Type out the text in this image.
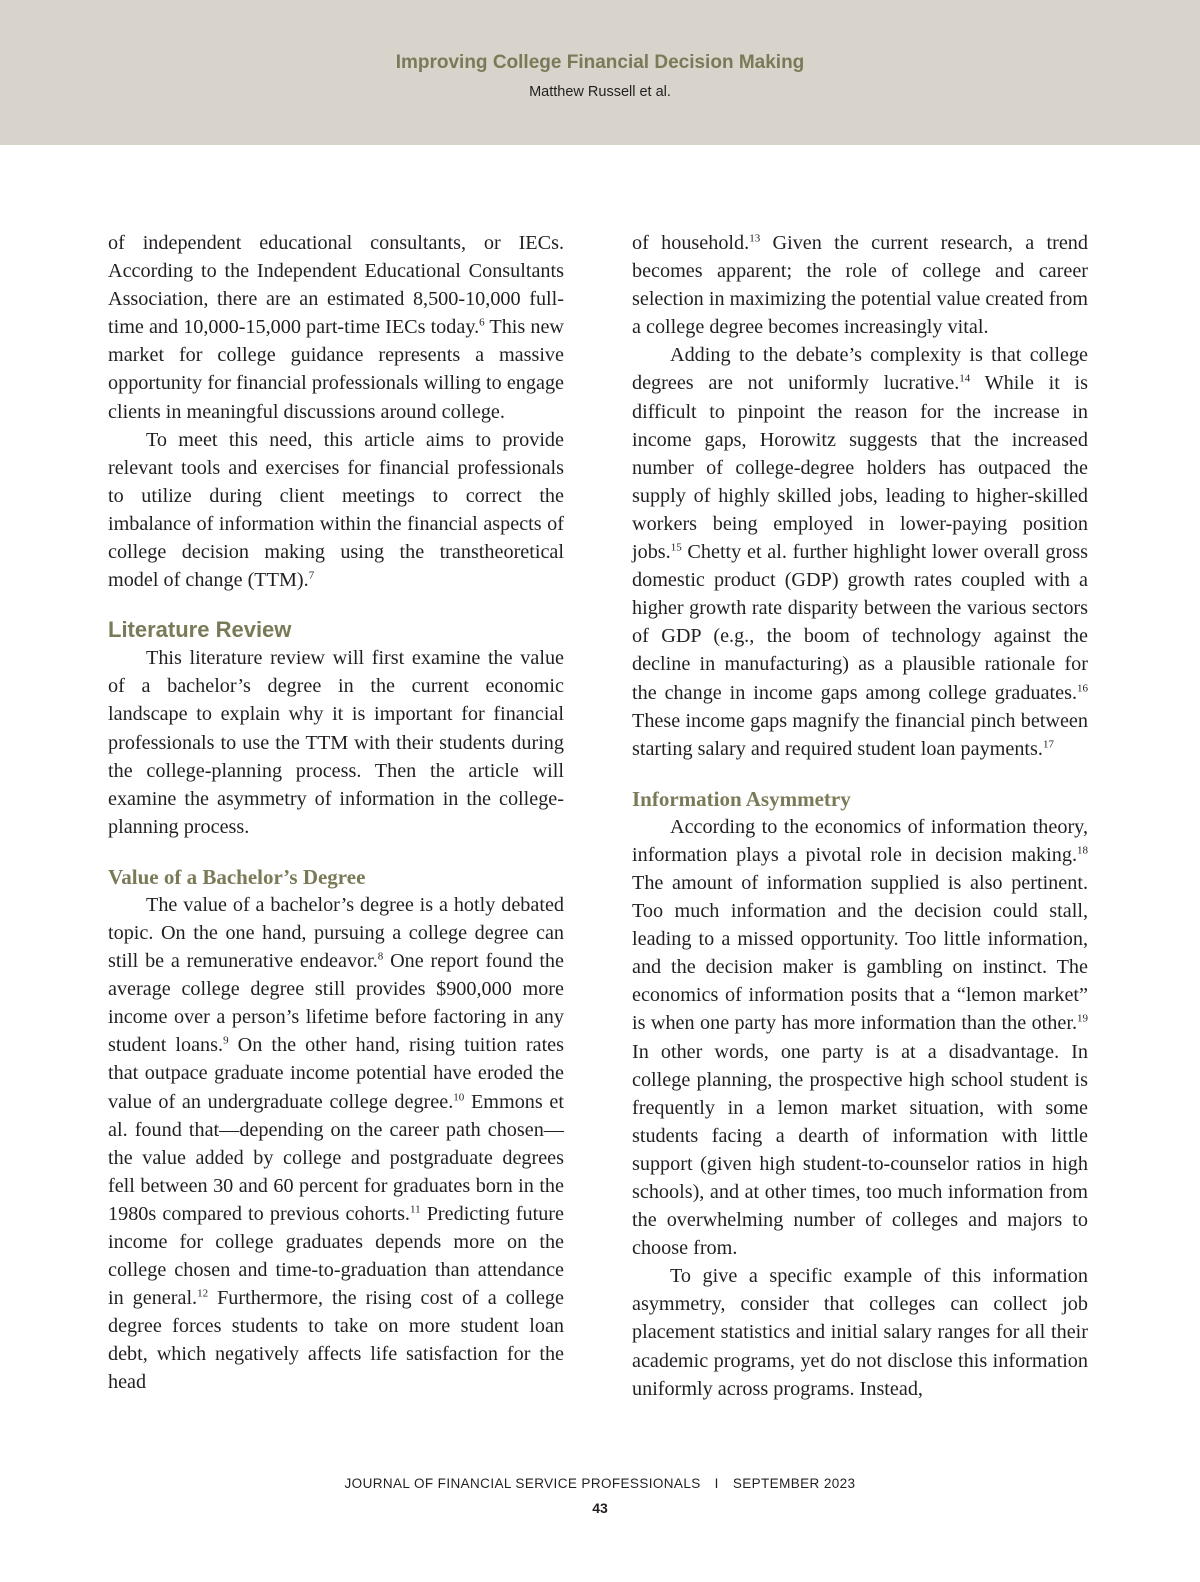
Improving College Financial Decision Making
Matthew Russell et al.

of independent educational consultants, or IECs. According to the Independent Educational Consultants Association, there are an estimated 8,500-10,000 full-time and 10,000-15,000 part-time IECs today.$^6$ This new market for college guidance represents a massive opportunity for financial professionals willing to engage clients in meaningful discussions around college.

To meet this need, this article aims to provide relevant tools and exercises for financial professionals to utilize during client meetings to correct the imbalance of information within the financial aspects of college decision making using the transtheoretical model of change (TTM).$^7$

Literature Review

This literature review will first examine the value of a bachelor’s degree in the current economic landscape to explain why it is important for financial professionals to use the TTM with their students during the college-planning process. Then the article will examine the asymmetry of information in the college-planning process.

Value of a Bachelor’s Degree

The value of a bachelor’s degree is a hotly debated topic. On the one hand, pursuing a college degree can still be a remunerative endeavor.$^8$ One report found the average college degree still provides $900,000 more income over a person’s lifetime before factoring in any student loans.$^9$ On the other hand, rising tuition rates that outpace graduate income potential have eroded the value of an undergraduate college degree.$^{10}$ Emmons et al. found that—depending on the career path chosen—the value added by college and postgraduate degrees fell between 30 and 60 percent for graduates born in the 1980s compared to previous cohorts.$^{11}$ Predicting future income for college graduates depends more on the college chosen and time-to-graduation than attendance in general.$^{12}$ Furthermore, the rising cost of a college degree forces students to take on more student loan debt, which negatively affects life satisfaction for the head

of household.$^{13}$ Given the current research, a trend becomes apparent; the role of college and career selection in maximizing the potential value created from a college degree becomes increasingly vital.

Adding to the debate’s complexity is that college degrees are not uniformly lucrative.$^{14}$ While it is difficult to pinpoint the reason for the increase in income gaps, Horowitz suggests that the increased number of college-degree holders has outpaced the supply of highly skilled jobs, leading to higher-skilled workers being employed in lower-paying position jobs.$^{15}$ Chetty et al. further highlight lower overall gross domestic product (GDP) growth rates coupled with a higher growth rate disparity between the various sectors of GDP (e.g., the boom of technology against the decline in manufacturing) as a plausible rationale for the change in income gaps among college graduates.$^{16}$ These income gaps magnify the financial pinch between starting salary and required student loan payments.$^{17}$

Information Asymmetry

According to the economics of information theory, information plays a pivotal role in decision making.$^{18}$ The amount of information supplied is also pertinent. Too much information and the decision could stall, leading to a missed opportunity. Too little information, and the decision maker is gambling on instinct. The economics of information posits that a “lemon market” is when one party has more information than the other.$^{19}$ In other words, one party is at a disadvantage. In college planning, the prospective high school student is frequently in a lemon market situation, with some students facing a dearth of information with little support (given high student-to-counselor ratios in high schools), and at other times, too much information from the overwhelming number of colleges and majors to choose from.

To give a specific example of this information asymmetry, consider that colleges can collect job placement statistics and initial salary ranges for all their academic programs, yet do not disclose this information uniformly across programs. Instead,

JOURNAL OF FINANCIAL SERVICE PROFESSIONALS I SEPTEMBER 2023
43
